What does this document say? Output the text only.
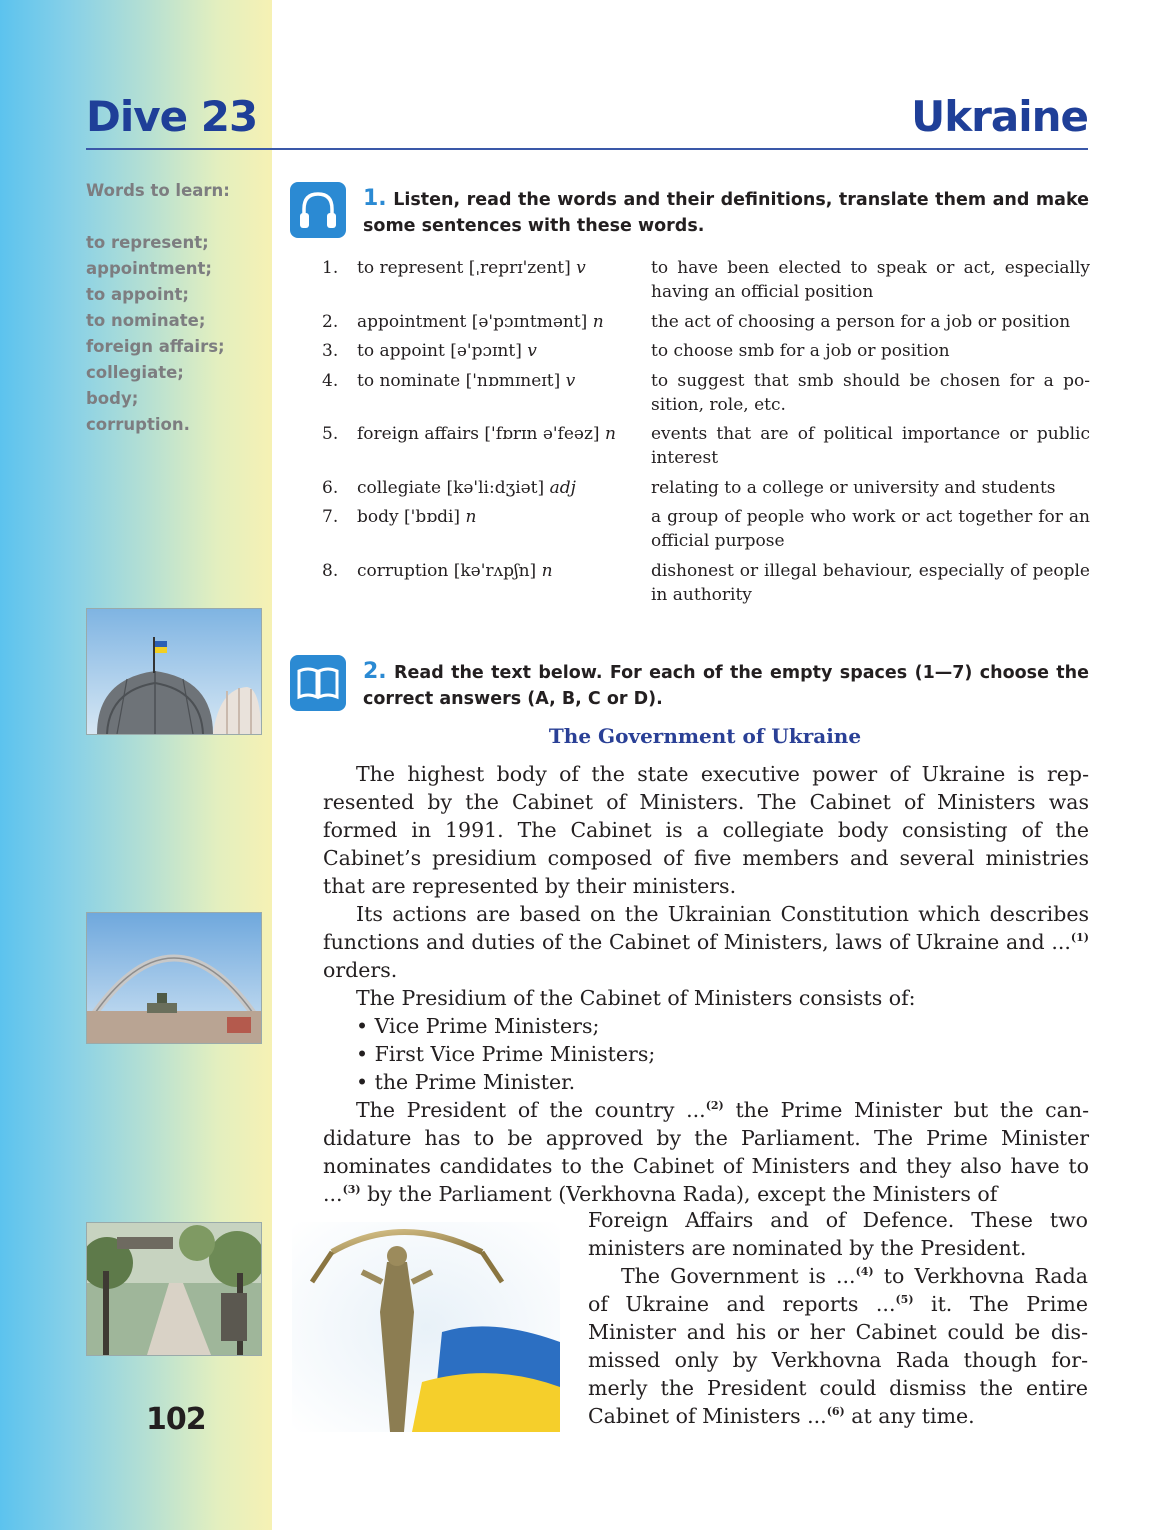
Dive 23	Ukraine
Words to learn:
to represent;
appointment;
to appoint;
to nominate;
foreign affairs;
collegiate;
body;
corruption.
102
1. Listen, read the words and their definitions, translate them and make some sentences with these words.
1.	to represent [ˌreprɪ'zent] v	to have been elected to speak or act, especially having an official position
2.	appointment [ə'pɔɪntmənt] n	the act of choosing a person for a job or position
3.	to appoint [ə'pɔɪnt] v	to choose smb for a job or position
4.	to nominate ['nɒmɪneɪt] v	to suggest that smb should be chosen for a position, role, etc.
5.	foreign affairs ['fɒrɪn ə'feəz] n	events that are of political importance or public interest
6.	collegiate [kə'li:dʒiət] adj	relating to a college or university and students
7.	body ['bɒdi] n	a group of people who work or act together for an official purpose
8.	corruption [kə'rʌpʃn] n	dishonest or illegal behaviour, especially of people in authority
2. Read the text below. For each of the empty spaces (1—7) choose the correct answers (A, B, C or D).
The Government of Ukraine

The highest body of the state executive power of Ukraine is represented by the Cabinet of Ministers. The Cabinet of Ministers was formed in 1991. The Cabinet is a collegiate body consisting of the Cabinet’s presidium composed of five members and several ministries that are represented by their ministers.

Its actions are based on the Ukrainian Constitution which describes functions and duties of the Cabinet of Ministers, laws of Ukraine and ...$^{(1)}$ orders.

The Presidium of the Cabinet of Ministers consists of:

• Vice Prime Ministers;

• First Vice Prime Ministers;

• the Prime Minister.

The President of the country ...$^{(2)}$ the Prime Minister but the candidature has to be approved by the Parliament. The Prime Minister nominates candidates to the Cabinet of Ministers and they also have to ...$^{(3)}$ by the Parliament (Verkhovna Rada), except the Ministers of

Foreign Affairs and of Defence. These two ministers are nominated by the President.

The Government is ...$^{(4)}$ to Verkhovna Rada of Ukraine and reports ...$^{(5)}$ it. The Prime Minister and his or her Cabinet could be dismissed only by Verkhovna Rada though formerly the President could dismiss the entire Cabinet of Ministers ...$^{(6)}$ at any time.
